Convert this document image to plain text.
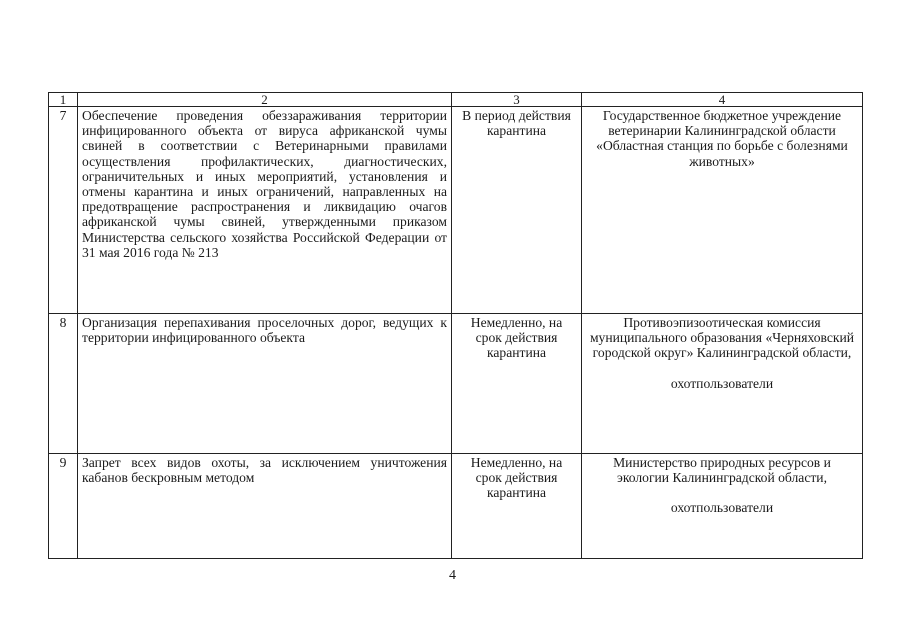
1	2	3	4
7	Обеспечение проведения обеззараживания территории инфицированного объекта от вируса африканской чумы свиней в соответствии с Ветеринарными правилами осуществления профилактических, диагностических, ограничительных и иных мероприятий, установления и отмены карантина и иных ограничений, направленных на предотвращение распространения и ликвидацию очагов африканской чумы свиней, утвержденными приказом Министерства сельского хозяйства Российской Федерации от 31 мая 2016 года № 213	В период действия карантина	Государственное бюджетное учреждение ветеринарии Калининградской области «Областная станция по борьбе с болезнями животных»

8	Организация перепахивания проселочных дорог, ведущих к территории инфицированного объекта	Немедленно, на срок действия карантина	Противоэпизоотическая комиссия муниципального образования «Черняховский городской округ» Калининградской области,
охотпользователи

9	Запрет всех видов охоты, за исключением уничтожения кабанов бескровным методом	Немедленно, на срок действия карантина	Министерство природных ресурсов и экологии Калининградской области,
охотпользователи
4
